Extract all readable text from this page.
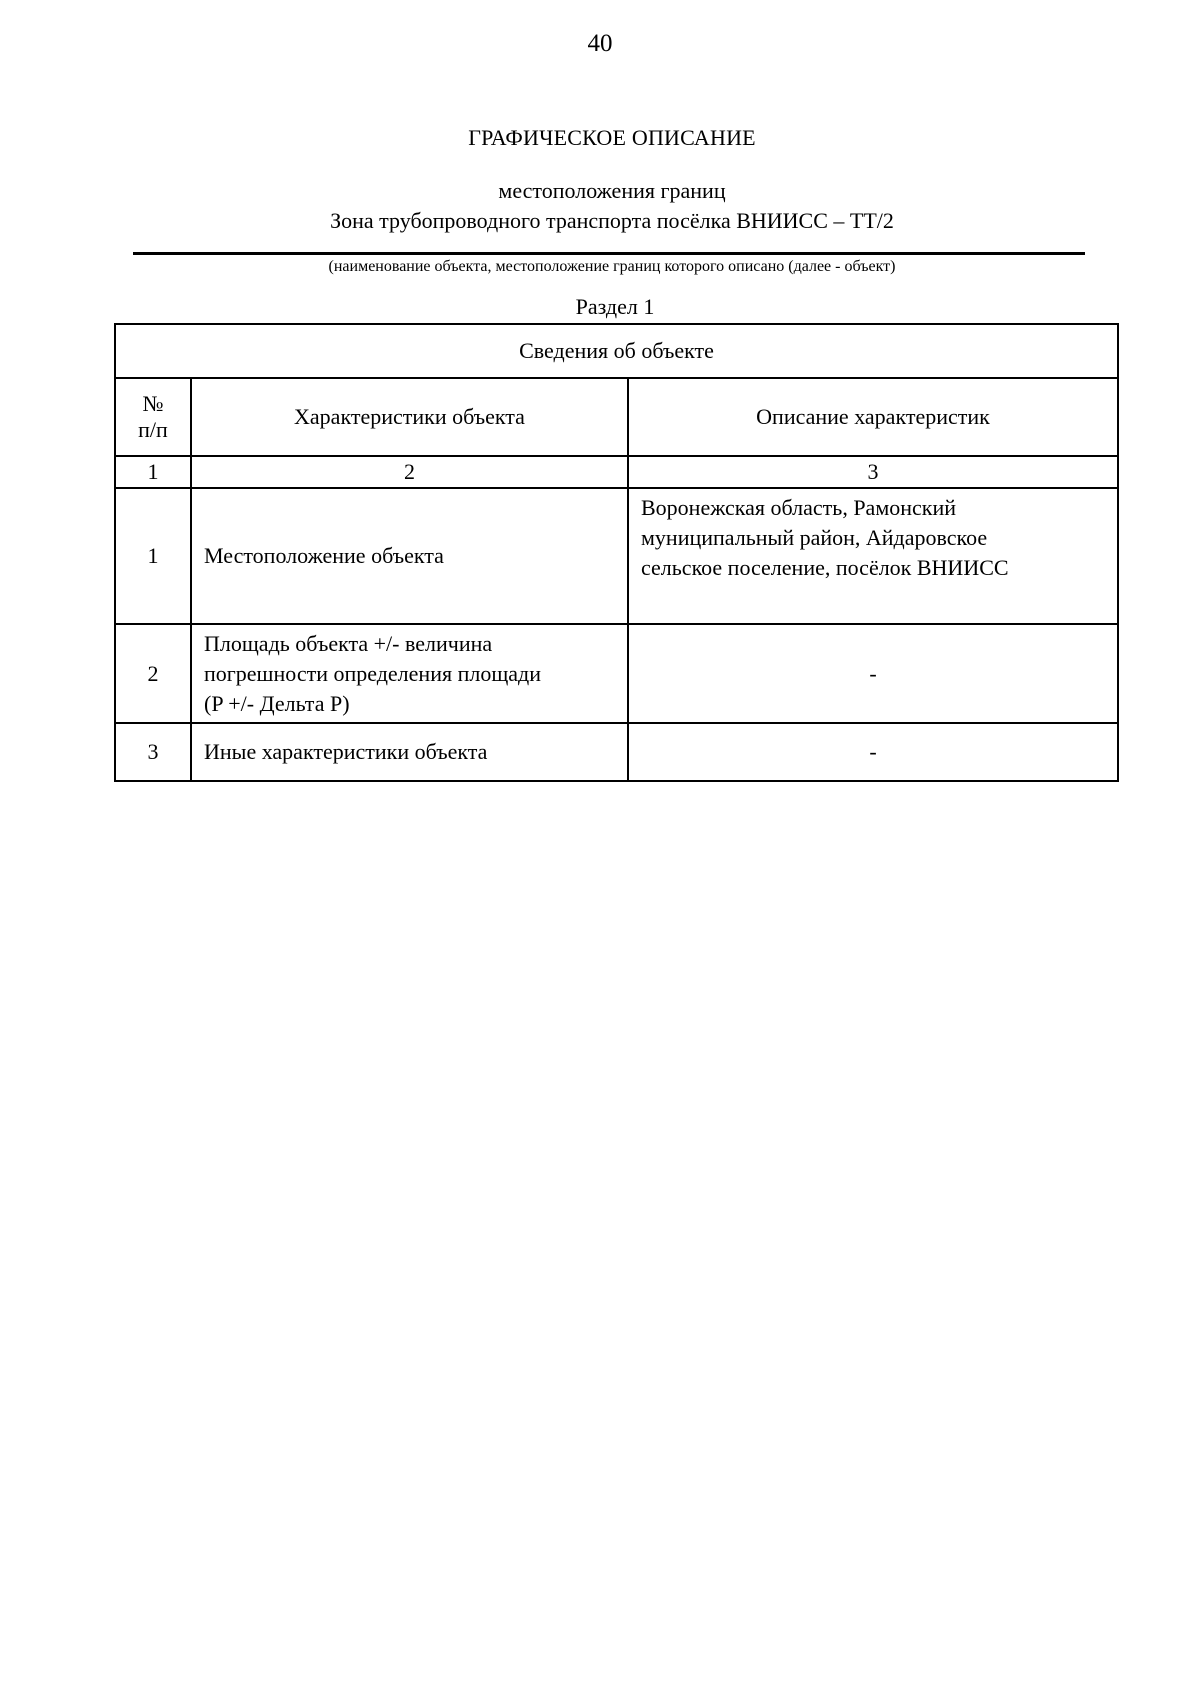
40
ГРАФИЧЕСКОЕ ОПИСАНИЕ
местоположения границ
Зона трубопроводного транспорта посёлка ВНИИСС – ТТ/2
(наименование объекта, местоположение границ которого описано (далее - объект)
Раздел 1
Сведения об объекте		

№
п/п	Характеристики объекта	Описание характеристик
1	2	3
1	Местоположение объекта	Воронежская область, Рамонский
муниципальный район, Айдаровское
сельское поселение, посёлок ВНИИСС

2	Площадь объекта +/- величина
погрешности определения площади
(P +/- Дельта P)	-
3	Иные характеристики объекта	-
